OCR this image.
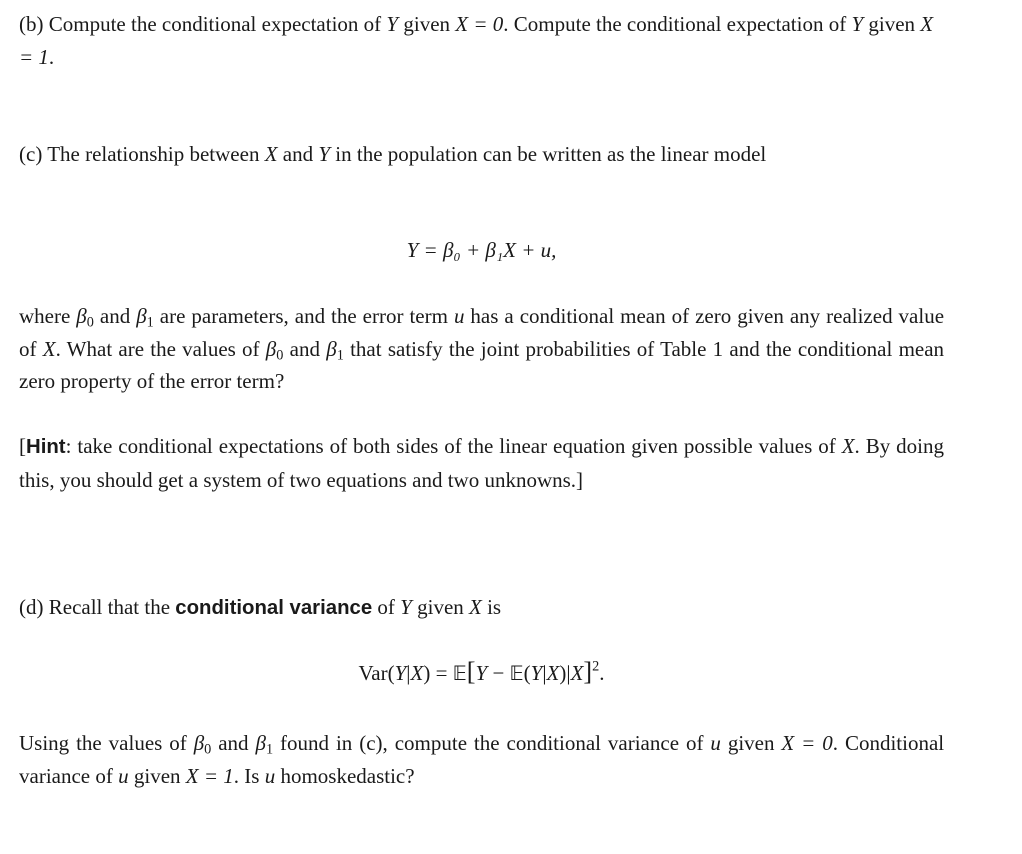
(b) Compute the conditional expectation of Y given X = 0. Compute the conditional expectation of Y given X = 1.

(c) The relationship between X and Y in the population can be written as the linear model

Y = β₀ + β₁X + u,

where $\beta_0$ and $\beta_1$ are parameters, and the error term u has a conditional mean of zero given any realized value of X. What are the values of $\beta_0$ and $\beta_1$ that satisfy the joint probabilities of Table 1 and the conditional mean zero property of the error term?

[Hint: take conditional expectations of both sides of the linear equation given possible values of X. By doing this, you should get a system of two equations and two unknowns.]

(d) Recall that the conditional variance of Y given X is

Var(Y|X) = 𝔼[Y − 𝔼(Y|X)|X]$^2$.

Using the values of $\beta_0$ and $\beta_1$ found in (c), compute the conditional variance of u given X = 0. Conditional variance of u given X = 1. Is u homoskedastic?
